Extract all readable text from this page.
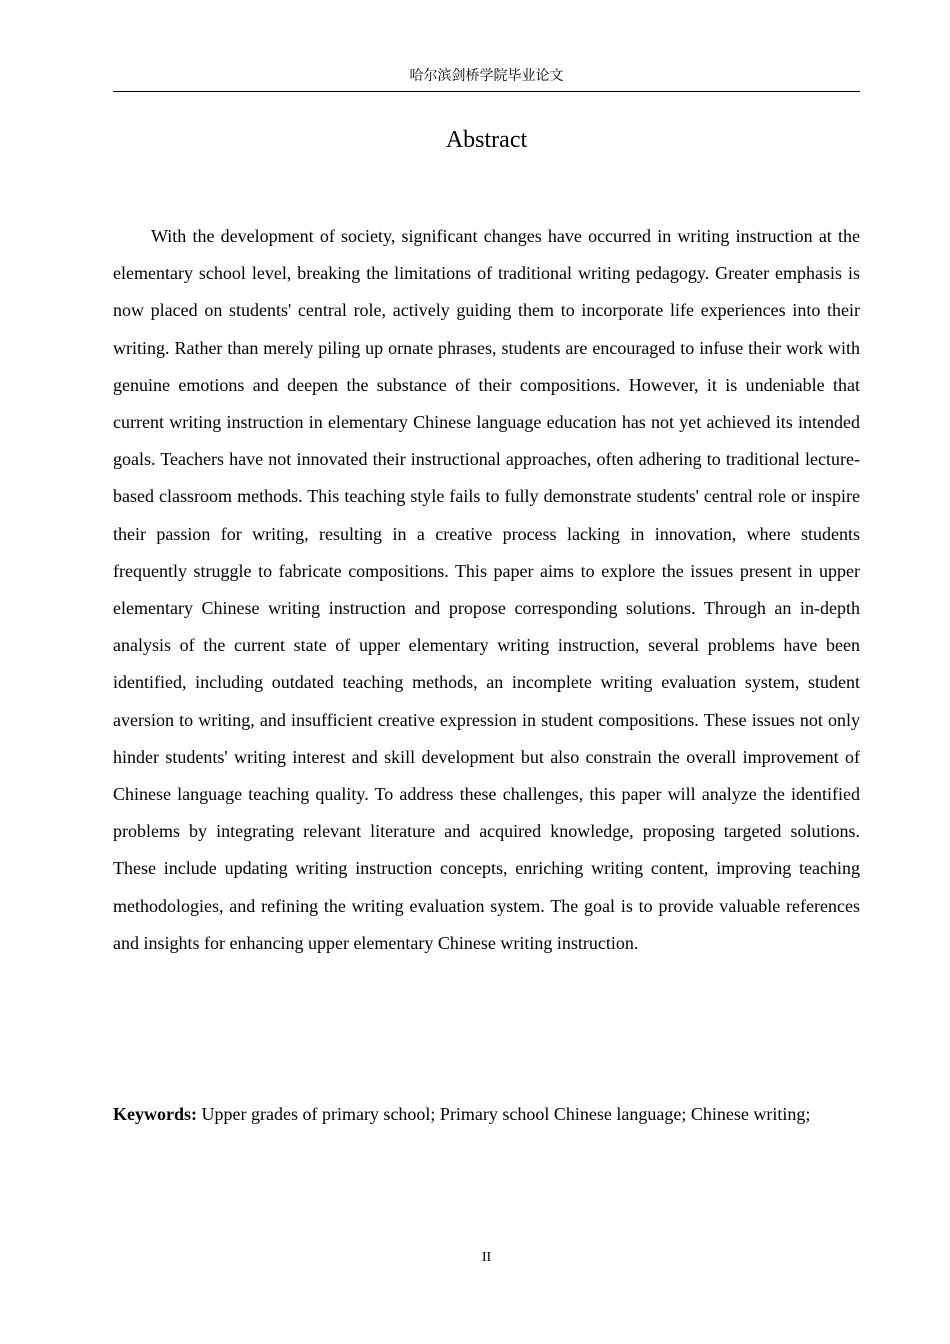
哈尔滨剑桥学院毕业论文
Abstract

With the development of society, significant changes have occurred in writing instruction at the elementary school level, breaking the limitations of traditional writing pedagogy. Greater emphasis is now placed on students' central role, actively guiding them to incorporate life experiences into their writing. Rather than merely piling up ornate phrases, students are encouraged to infuse their work with genuine emotions and deepen the substance of their compositions. However, it is undeniable that current writing instruction in elementary Chinese language education has not yet achieved its intended goals. Teachers have not innovated their instructional approaches, often adhering to traditional lecture-based classroom methods. This teaching style fails to fully demonstrate students' central role or inspire their passion for writing, resulting in a creative process lacking in innovation, where students frequently struggle to fabricate compositions. This paper aims to explore the issues present in upper elementary Chinese writing instruction and propose corresponding solutions. Through an in-depth analysis of the current state of upper elementary writing instruction, several problems have been identified, including outdated teaching methods, an incomplete writing evaluation system, student aversion to writing, and insufficient creative expression in student compositions. These issues not only hinder students' writing interest and skill development but also constrain the overall improvement of Chinese language teaching quality. To address these challenges, this paper will analyze the identified problems by integrating relevant literature and acquired knowledge, proposing targeted solutions. These include updating writing instruction concepts, enriching writing content, improving teaching methodologies, and refining the writing evaluation system. The goal is to provide valuable references and insights for enhancing upper elementary Chinese writing instruction.

Keywords: Upper grades of primary school; Primary school Chinese language; Chinese writing;

II
